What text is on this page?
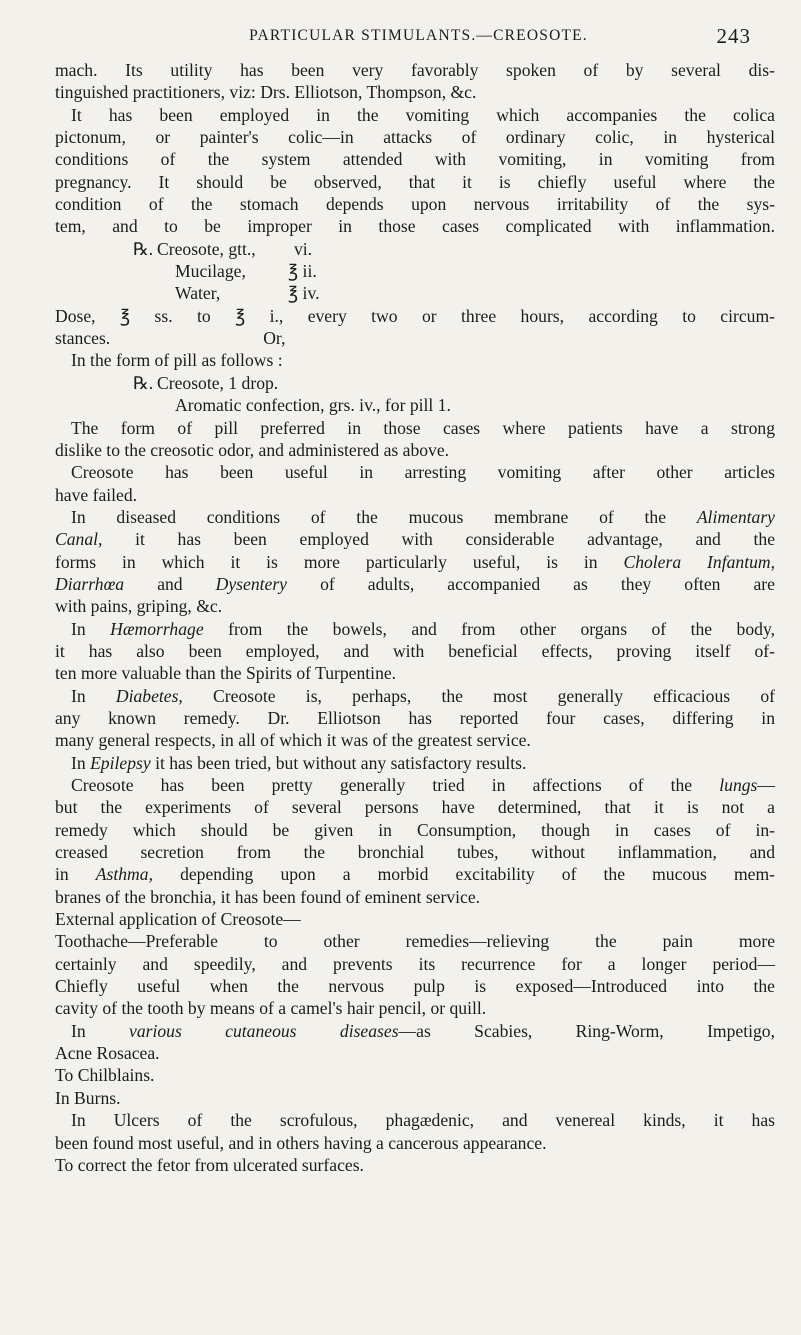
PARTICULAR STIMULANTS.—CREOSOTE.	243
mach. Its utility has been very favorably spoken of by several dis-
tinguished practitioners, viz: Drs. Elliotson, Thompson, &c.
It has been employed in the vomiting which accompanies the colica
pictonum, or painter's colic—in attacks of ordinary colic, in hysterical
conditions of the system attended with vomiting, in vomiting from
pregnancy. It should be observed, that it is chiefly useful where the
condition of the stomach depends upon nervous irritability of the sys-
tem, and to be improper in those cases complicated with inflammation.
℞. Creosote, gtt., vi.
Mucilage, ℥ ii.
Water,	℥ iv.
Dose, ℥ ss. to ℥ i., every two or three hours, according to circum-
stances.	Or,
In the form of pill as follows :
℞. Creosote, 1 drop.
Aromatic confection, grs. iv., for pill 1.
The form of pill preferred in those cases where patients have a strong
dislike to the creosotic odor, and administered as above.
Creosote has been useful in arresting vomiting after other articles
have failed.
In diseased conditions of the mucous membrane of the Alimentary
Canal, it has been employed with considerable advantage, and the
forms in which it is more particularly useful, is in Cholera Infantum,
Diarrhœa and Dysentery of adults, accompanied as they often are
with pains, griping, &c.
In Hæmorrhage from the bowels, and from other organs of the body,
it has also been employed, and with beneficial effects, proving itself of-
ten more valuable than the Spirits of Turpentine.
In Diabetes, Creosote is, perhaps, the most generally efficacious of
any known remedy. Dr. Elliotson has reported four cases, differing in
many general respects, in all of which it was of the greatest service.
In Epilepsy it has been tried, but without any satisfactory results.
Creosote has been pretty generally tried in affections of the lungs—
but the experiments of several persons have determined, that it is not a
remedy which should be given in Consumption, though in cases of in-
creased secretion from the bronchial tubes, without inflammation, and
in Asthma, depending upon a morbid excitability of the mucous mem-
branes of the bronchia, it has been found of eminent service.
External application of Creosote—
Toothache—Preferable to other remedies—relieving the pain more
certainly and speedily, and prevents its recurrence for a longer period—
Chiefly useful when the nervous pulp is exposed—Introduced into the
cavity of the tooth by means of a camel's hair pencil, or quill.
In various cutaneous diseases—as Scabies, Ring-Worm, Impetigo,
Acne Rosacea.
To Chilblains.
In Burns.
In Ulcers of the scrofulous, phagædenic, and venereal kinds, it has
been found most useful, and in others having a cancerous appearance.
To correct the fetor from ulcerated surfaces.
